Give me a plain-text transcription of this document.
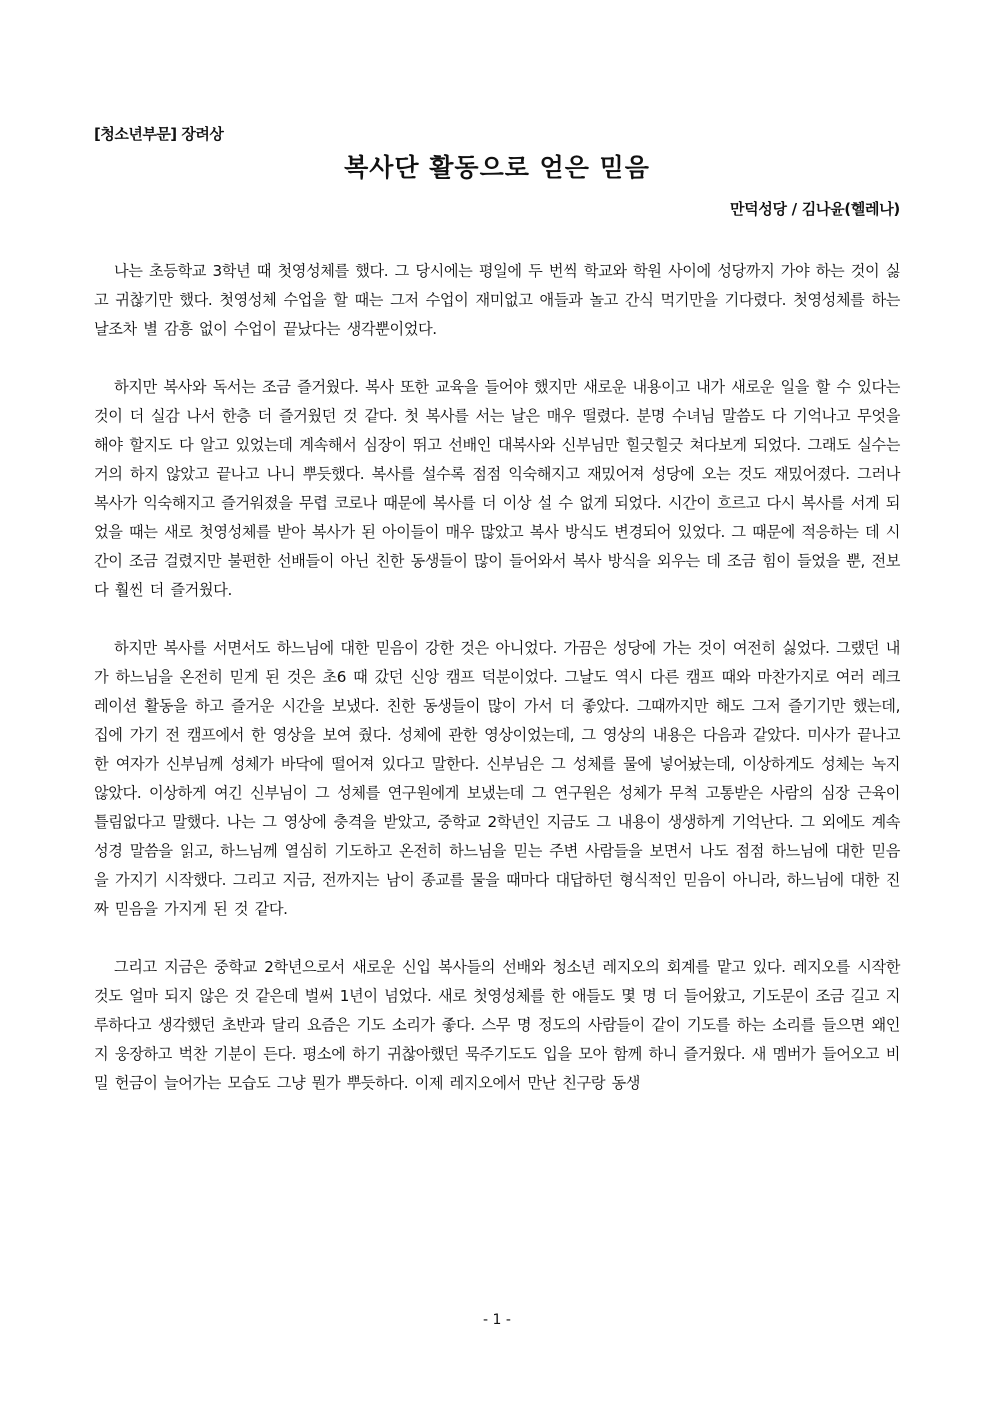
[청소년부문] 장려상
복사단 활동으로 얻은 믿음
만덕성당 / 김나윤(헬레나)

나는 초등학교 3학년 때 첫영성체를 했다. 그 당시에는 평일에 두 번씩 학교와 학원 사이에 성당까지 가야 하는 것이 싫고 귀찮기만 했다. 첫영성체 수업을 할 때는 그저 수업이 재미없고 애들과 놀고 간식 먹기만을 기다렸다. 첫영성체를 하는 날조차 별 감흥 없이 수업이 끝났다는 생각뿐이었다.

하지만 복사와 독서는 조금 즐거웠다. 복사 또한 교육을 들어야 했지만 새로운 내용이고 내가 새로운 일을 할 수 있다는 것이 더 실감 나서 한층 더 즐거웠던 것 같다. 첫 복사를 서는 날은 매우 떨렸다. 분명 수녀님 말씀도 다 기억나고 무엇을 해야 할지도 다 알고 있었는데 계속해서 심장이 뛰고 선배인 대복사와 신부님만 힐긋힐긋 쳐다보게 되었다. 그래도 실수는 거의 하지 않았고 끝나고 나니 뿌듯했다. 복사를 설수록 점점 익숙해지고 재밌어져 성당에 오는 것도 재밌어졌다. 그러나 복사가 익숙해지고 즐거워졌을 무렵 코로나 때문에 복사를 더 이상 설 수 없게 되었다. 시간이 흐르고 다시 복사를 서게 되었을 때는 새로 첫영성체를 받아 복사가 된 아이들이 매우 많았고 복사 방식도 변경되어 있었다. 그 때문에 적응하는 데 시간이 조금 걸렸지만 불편한 선배들이 아닌 친한 동생들이 많이 들어와서 복사 방식을 외우는 데 조금 힘이 들었을 뿐, 전보다 훨씬 더 즐거웠다.

하지만 복사를 서면서도 하느님에 대한 믿음이 강한 것은 아니었다. 가끔은 성당에 가는 것이 여전히 싫었다. 그랬던 내가 하느님을 온전히 믿게 된 것은 초6 때 갔던 신앙 캠프 덕분이었다. 그날도 역시 다른 캠프 때와 마찬가지로 여러 레크레이션 활동을 하고 즐거운 시간을 보냈다. 친한 동생들이 많이 가서 더 좋았다. 그때까지만 해도 그저 즐기기만 했는데, 집에 가기 전 캠프에서 한 영상을 보여 줬다. 성체에 관한 영상이었는데, 그 영상의 내용은 다음과 같았다. 미사가 끝나고 한 여자가 신부님께 성체가 바닥에 떨어져 있다고 말한다. 신부님은 그 성체를 물에 넣어놨는데, 이상하게도 성체는 녹지 않았다. 이상하게 여긴 신부님이 그 성체를 연구원에게 보냈는데 그 연구원은 성체가 무척 고통받은 사람의 심장 근육이 틀림없다고 말했다. 나는 그 영상에 충격을 받았고, 중학교 2학년인 지금도 그 내용이 생생하게 기억난다. 그 외에도 계속 성경 말씀을 읽고, 하느님께 열심히 기도하고 온전히 하느님을 믿는 주변 사람들을 보면서 나도 점점 하느님에 대한 믿음을 가지기 시작했다. 그리고 지금, 전까지는 남이 종교를 물을 때마다 대답하던 형식적인 믿음이 아니라, 하느님에 대한 진짜 믿음을 가지게 된 것 같다.

그리고 지금은 중학교 2학년으로서 새로운 신입 복사들의 선배와 청소년 레지오의 회계를 맡고 있다. 레지오를 시작한 것도 얼마 되지 않은 것 같은데 벌써 1년이 넘었다. 새로 첫영성체를 한 애들도 몇 명 더 들어왔고, 기도문이 조금 길고 지루하다고 생각했던 초반과 달리 요즘은 기도 소리가 좋다. 스무 명 정도의 사람들이 같이 기도를 하는 소리를 들으면 왜인지 웅장하고 벅찬 기분이 든다. 평소에 하기 귀찮아했던 묵주기도도 입을 모아 함께 하니 즐거웠다. 새 멤버가 들어오고 비밀 헌금이 늘어가는 모습도 그냥 뭔가 뿌듯하다. 이제 레지오에서 만난 친구랑 동생

- 1 -
